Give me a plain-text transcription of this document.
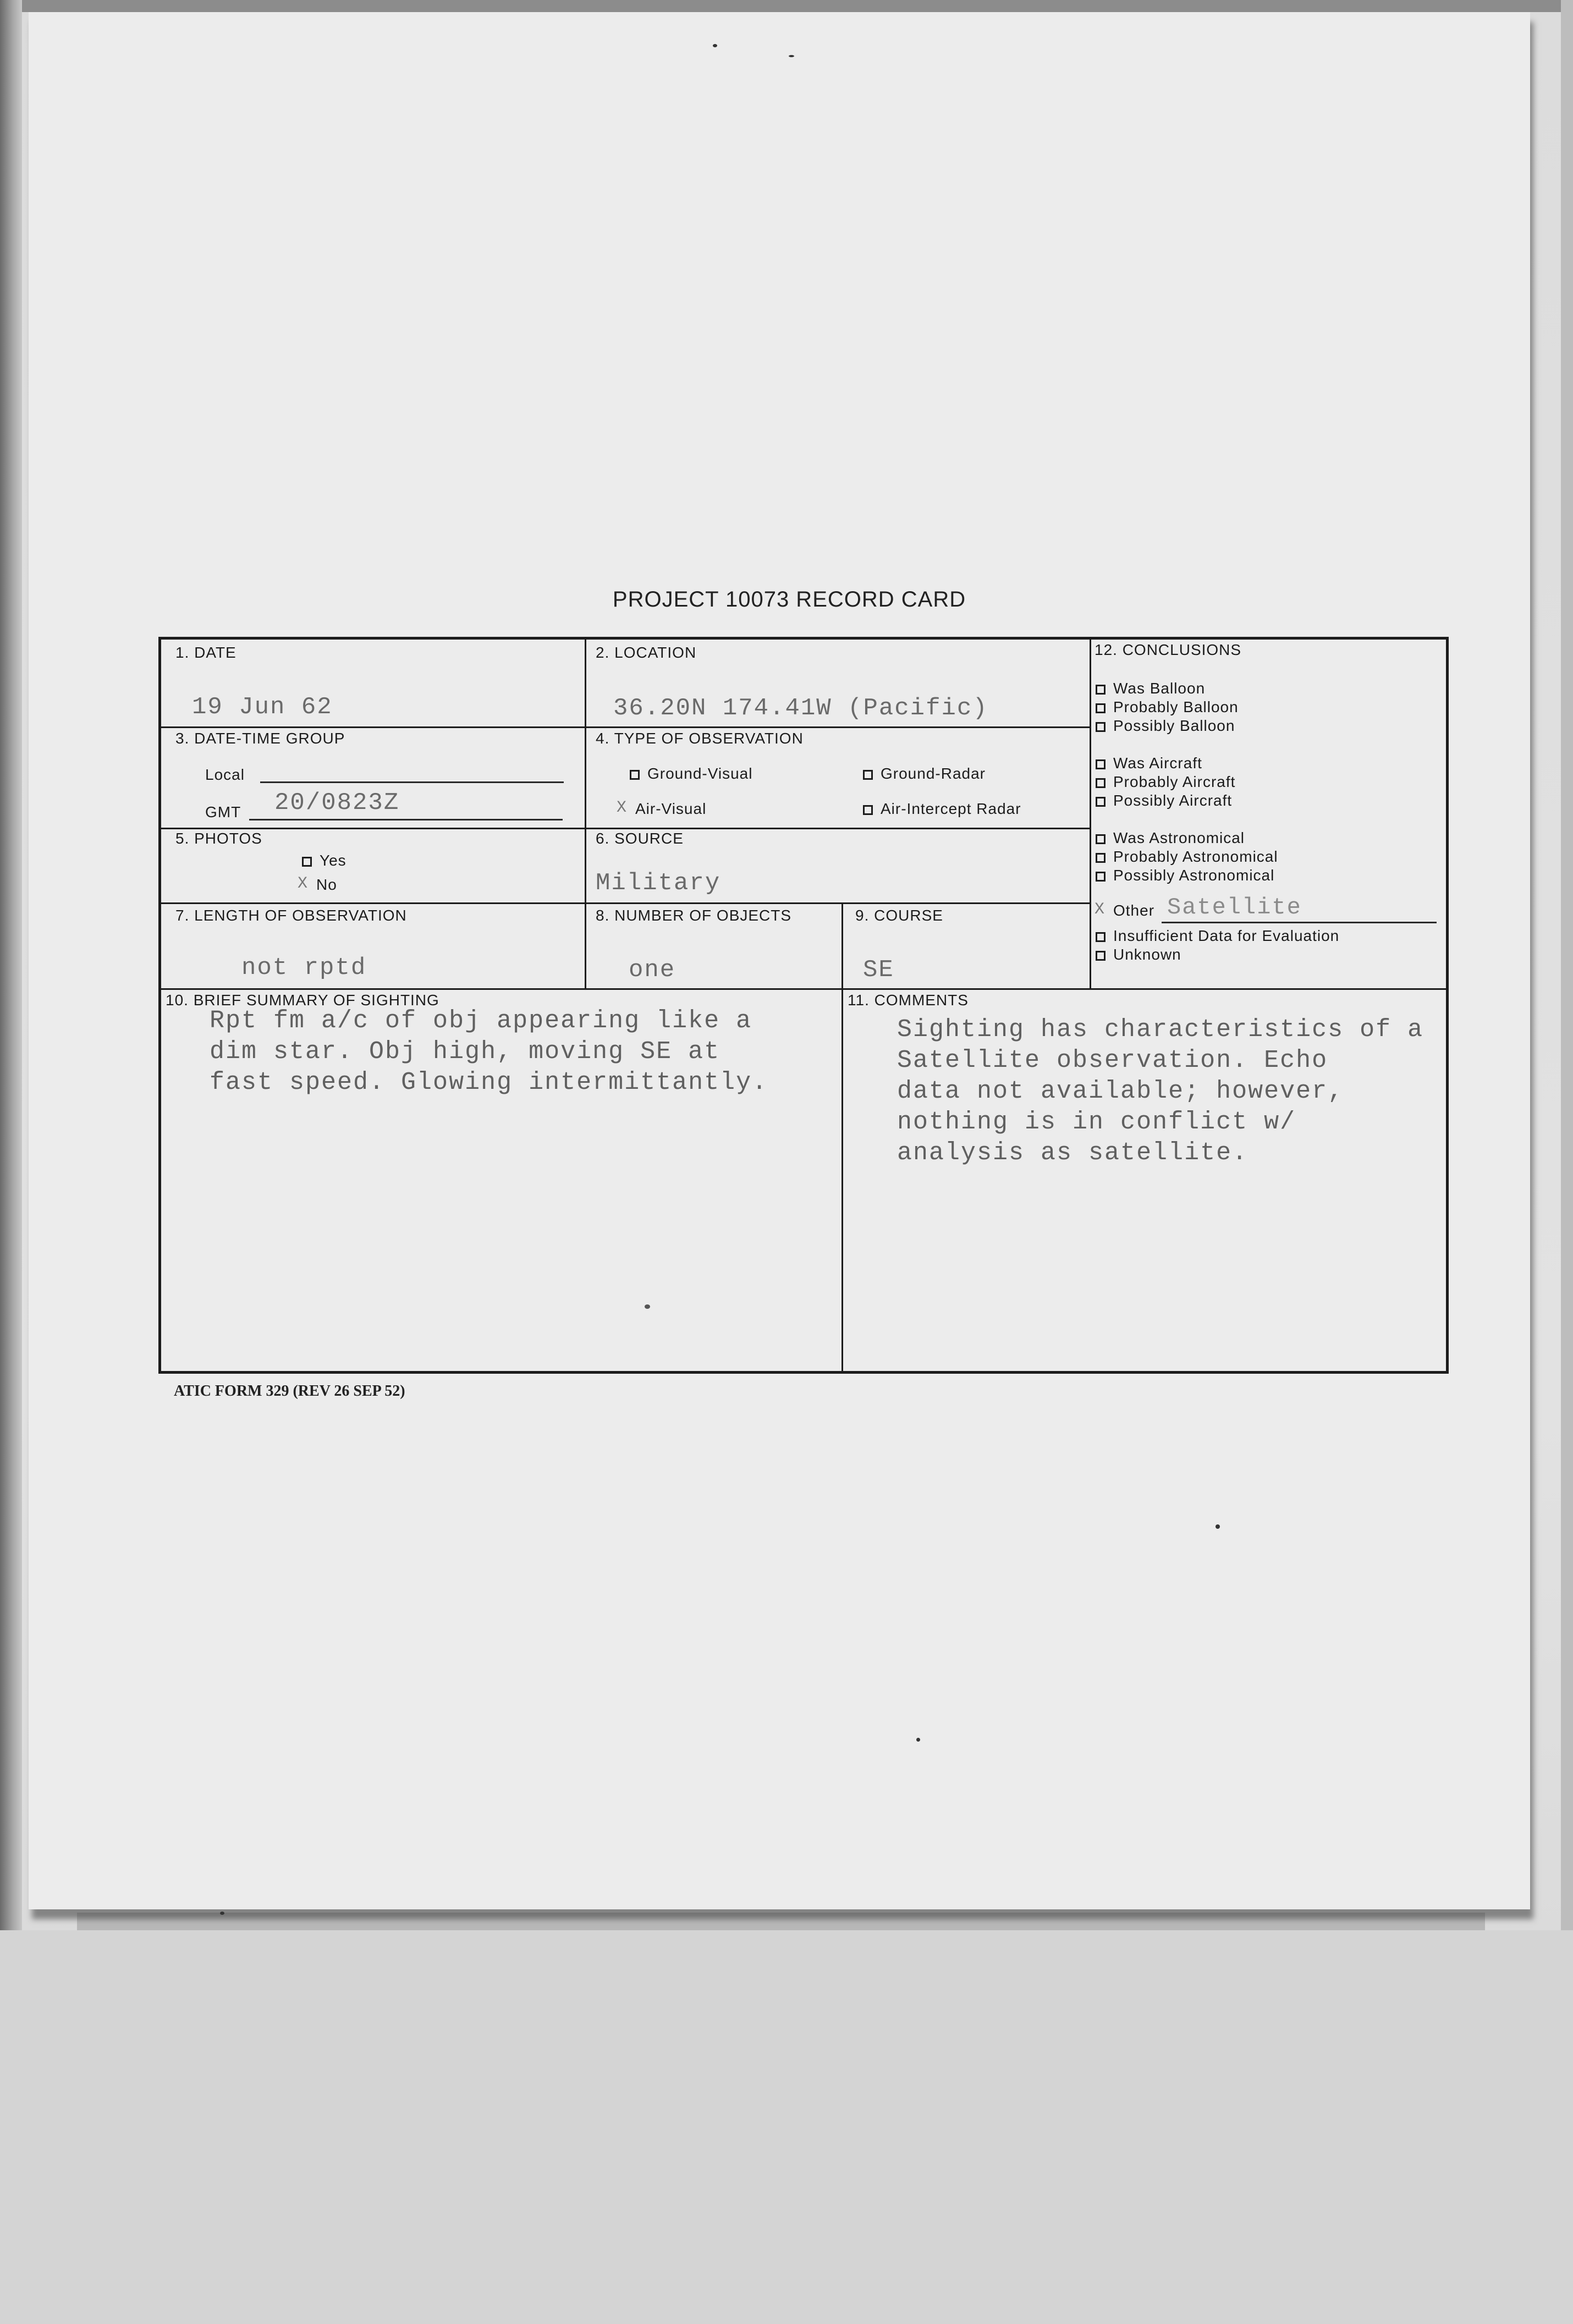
PROJECT 10073 RECORD CARD
1. DATE
19 Jun 62
2. LOCATION
36.20N 174.41W (Pacific)
3. DATE-TIME GROUP
Local
GMT 20/0823Z
4. TYPE OF OBSERVATION
Ground-Visual	Ground-Radar
XAir-Visual	Air-Intercept Radar
5. PHOTOS
Yes
XNo
6. SOURCE
Military
7. LENGTH OF OBSERVATION
not rptd
8. NUMBER OF OBJECTS
one
9. COURSE
SE
10. BRIEF SUMMARY OF SIGHTING
Rpt fm a/c of obj appearing like a
dim star. Obj high, moving SE at
fast speed. Glowing intermittantly.
11. COMMENTS
Sighting has characteristics of a
Satellite observation. Echo
data not available; however,
nothing is in conflict w/
analysis as satellite.
12. CONCLUSIONS
Was Balloon
Probably Balloon
Possibly Balloon
Was Aircraft
Probably Aircraft
Possibly Aircraft
Was Astronomical
Probably Astronomical
Possibly Astronomical
XOther Satellite
Insufficient Data for Evaluation
Unknown
ATIC FORM 329 (REV 26 SEP 52)
